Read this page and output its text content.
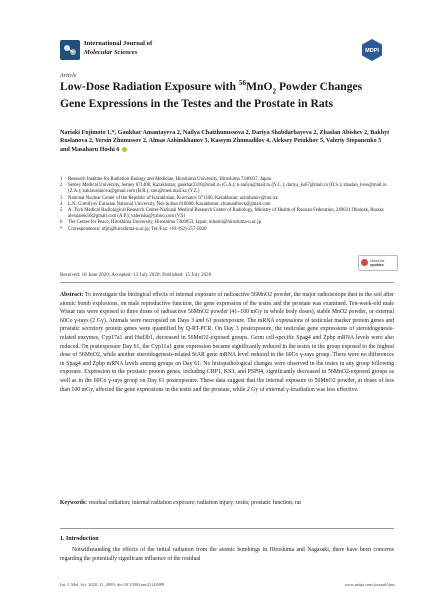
International Journal of
Molecular Sciences	MDPI
Article
Low-Dose Radiation Exposure with $^{56}$MnO$_2$ Powder Changes Gene Expressions in the Testes and the Prostate in Rats
Nariaki Fujimoto 1,*, Gaukhar Amantayeva 2, Nailya Chaizhunussova 2, Dariya Shabdarbayeva 2, Zhaslan Abishev 2, Bakhyt Ruslanova 2, Yersin Zhunussov 2, Almas Azhimkhanov 3, Kassym Zhumadilov 4, Aleksey Petukhov 5, Valeriy Stepanenko 5 and Masaharu Hoshi 6
1	Research Institute for Radiation Biology and Medicine, Hiroshima University, Hiroshima 7340037, Japan
2	Semey Medical University, Semey 071400, Kazakhstan; gaukhar2310@mail.ru (G.A.); n.nailya@mail.ru (N.C.); dariya_ks67@mail.ru (D.S.); zhaslan_love@mail.ru (Z.A.); baharuslanova@gmail.com (B.R.); smu@med.mail.kz (Y.Z.)
3	National Nuclear Center of the Republic of Kazakhstan, Kurchatov 071100, Kazakhstan; azimhanov@nnc.kz
4	L.N. Gumilyov Eurasian National University, Nur-Sultan 010000, Kazakhstan; zhumadilovk@gmail.com
5	A. Tsyb Medical Radiological Research Center-National Medical Research Center of Radiology, Ministry of Health of Russian Federation, 249031 Obninsk, Russia; alexnarek56@gmail.com (A.P.); valerisha@yahoo.com (V.S)
6	The Center for Peace, Hiroshima University, Hiroshima 7300053, Japan; mhoshi@hiroshima-u.ac.jp
*	Correspondence: nfjm@hiroshima-u.ac.jp; Tel./Fax: +81-(82)-257-5820
check for
updates
Received: 18 June 2020; Accepted: 13 July 2020; Published: 15 July 2020
Abstract: To investigate the biological effects of internal exposure of radioactive 56MnO2 powder, the major radioisotope dust in the soil after atomic bomb explosions, on male reproductive function, the gene expression of the testes and the prostate was examined. Ten-week-old male Wistar rats were exposed to three doses of radioactive 56MnO2 powder (41–100 mGy in whole body doses), stable MnO2 powder, or external 60Co γ-rays (2 Gy). Animals were necropsied on Days 3 and 61 postexposure. The mRNA expressions of testicular marker protein genes and prostatic secretory protein genes were quantified by Q-RT-PCR. On Day 3 postexposure, the testicular gene expressions of steroidogenesis-related enzymes, Cyp17a1 and Hsd3b1, decreased in 56MnO2-exposed groups. Germ cell-specific Spag4 and Zpbp mRNA levels were also reduced. On postexposure Day 61, the Cyp11a1 gene expression became significantly reduced in the testes in the group exposed to the highest dose of 56MnO2, while another steroidogenesis-related StAR gene mRNA level reduced in the 60Co γ-rays group. There were no differences in Spag4 and Zpbp mRNA levels among groups on Day 61. No histopathological changes were observed in the testes in any group following exposure. Expression in the prostatic protein genes, including CRP1, KS3, and PSP94, significantly decreased in 56MnO2-exposed groups as well as in the 60Co γ-rays group on Day 61 postexposure. These data suggest that the internal exposure to 56MnO2 powder, at doses of less than 100 mGy, affected the gene expressions in the testis and the prostate, while 2 Gy of external γ-irradiation was less effective.
Keywords: residual radiation; internal radiation exposure; radiation injury; testis; prostatic function; rat
1. Introduction
Notwithstanding the effects of the initial radiation from the atomic bombings in Hiroshima and Nagasaki, there have been concerns regarding the potentially significant influence of the residual
Int. J. Mol. Sci. 2020, 21, 4989; doi:10.3390/ijms21144989	www.mdpi.com/journal/ijms
